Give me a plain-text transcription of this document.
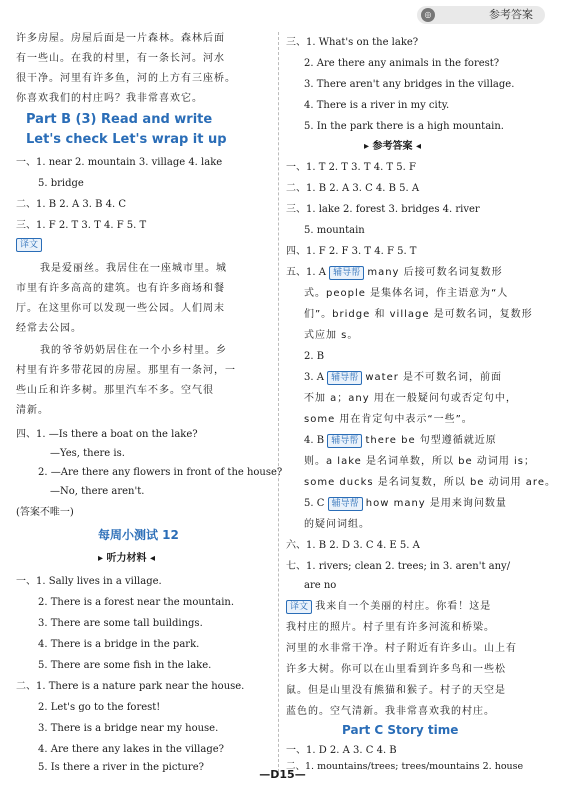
◎	参考答案
许多房屋。房屋后面是一片森林。森林后面
有一些山。在我的村里，有一条长河。河水
很干净。河里有许多鱼，河的上方有三座桥。
你喜欢我们的村庄吗？我非常喜欢它。
Part B (3) Read and write
Let's check Let's wrap it up
一、1. near 2. mountain 3. village 4. lake
5. bridge
二、1. B 2. A 3. B 4. C
三、1. F 2. T 3. T 4. F 5. T
译文
我是爱丽丝。我居住在一座城市里。城
市里有许多高高的建筑。也有许多商场和餐
厅。在这里你可以发现一些公园。人们周末
经常去公园。
我的爷爷奶奶居住在一个小乡村里。乡
村里有许多带花园的房屋。那里有一条河，一
些山丘和许多树。那里汽车不多。空气很
清新。
四、1. —Is there a boat on the lake?
—Yes, there is.
2. —Are there any flowers in front of the house?
—No, there aren't.
(答案不唯一)
每周小测试 12
▸ 听力材料 ◂
一、1. Sally lives in a village.
2. There is a forest near the mountain.
3. There are some tall buildings.
4. There is a bridge in the park.
5. There are some fish in the lake.
二、1. There is a nature park near the house.
2. Let's go to the forest!
3. There is a bridge near my house.
4. Are there any lakes in the village?
5. Is there a river in the picture?
三、1. What's on the lake?
2. Are there any animals in the forest?
3. There aren't any bridges in the village.
4. There is a river in my city.
5. In the park there is a high mountain.
▸ 参考答案 ◂
一、1. T 2. T 3. T 4. T 5. F
二、1. B 2. A 3. C 4. B 5. A
三、1. lake 2. forest 3. bridges 4. river
5. mountain
四、1. F 2. F 3. T 4. F 5. T
五、1. A 辅导帮 many 后接可数名词复数形
式。people 是集体名词，作主语意为“人
们”。bridge 和 village 是可数名词，复数形
式应加 s。
2. B
3. A 辅导帮 water 是不可数名词，前面
不加 a；any 用在一般疑问句或否定句中，
some 用在肯定句中表示“一些”。
4. B 辅导帮 there be 句型遵循就近原
则。a lake 是名词单数，所以 be 动词用 is；
some ducks 是名词复数，所以 be 动词用 are。
5. C 辅导帮 how many 是用来询问数量
的疑问词组。
六、1. B 2. D 3. C 4. E 5. A
七、1. rivers; clean 2. trees; in 3. aren't any/
are no
译文 我来自一个美丽的村庄。你看！这是
我村庄的照片。村子里有许多河流和桥梁。
河里的水非常干净。村子附近有许多山。山上有
许多大树。你可以在山里看到许多鸟和一些松
鼠。但是山里没有熊猫和猴子。村子的天空是
蓝色的。空气清新。我非常喜欢我的村庄。
Part C Story time
一、1. D 2. A 3. C 4. B
二、1. mountains/trees; trees/mountains 2. house
—D15—
